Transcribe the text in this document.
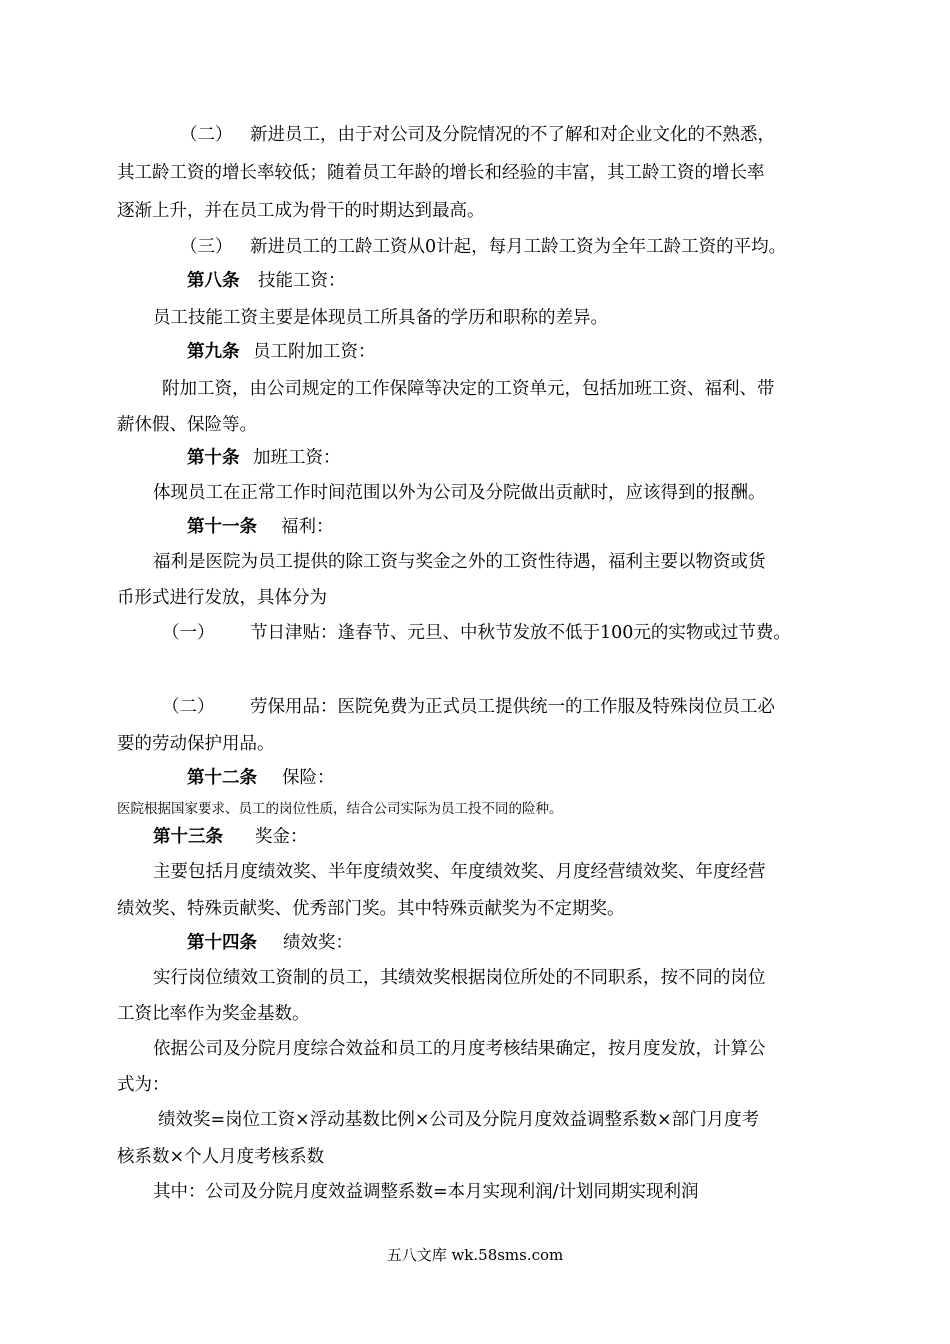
（二） 新进员工，由于对公司及分院情况的不了解和对企业文化的不熟悉，
其工龄工资的增长率较低；随着员工年龄的增长和经验的丰富，其工龄工资的增长率
逐渐上升，并在员工成为骨干的时期达到最高。
（三） 新进员工的工龄工资从0计起，每月工龄工资为全年工龄工资的平均。
第八条 技能工资：
员工技能工资主要是体现员工所具备的学历和职称的差异。
第九条 员工附加工资：
附加工资，由公司规定的工作保障等决定的工资单元，包括加班工资、福利、带
薪休假、保险等。
第十条 加班工资：
体现员工在正常工作时间范围以外为公司及分院做出贡献时，应该得到的报酬。
第十一条 福利：
福利是医院为员工提供的除工资与奖金之外的工资性待遇，福利主要以物资或货
币形式进行发放，具体分为
（一） 节日津贴：逢春节、元旦、中秋节发放不低于100元的实物或过节费。
（二） 劳保用品：医院免费为正式员工提供统一的工作服及特殊岗位员工必
要的劳动保护用品。
第十二条 保险：
医院根据国家要求、员工的岗位性质，结合公司实际为员工投不同的险种。
第十三条 奖金：
主要包括月度绩效奖、半年度绩效奖、年度绩效奖、月度经营绩效奖、年度经营
绩效奖、特殊贡献奖、优秀部门奖。其中特殊贡献奖为不定期奖。
第十四条 绩效奖：
实行岗位绩效工资制的员工，其绩效奖根据岗位所处的不同职系，按不同的岗位
工资比率作为奖金基数。
依据公司及分院月度综合效益和员工的月度考核结果确定，按月度发放，计算公
式为：
绩效奖=岗位工资×浮动基数比例×公司及分院月度效益调整系数×部门月度考
核系数×个人月度考核系数
其中：公司及分院月度效益调整系数=本月实现利润/计划同期实现利润
五八文库 wk.58sms.com
